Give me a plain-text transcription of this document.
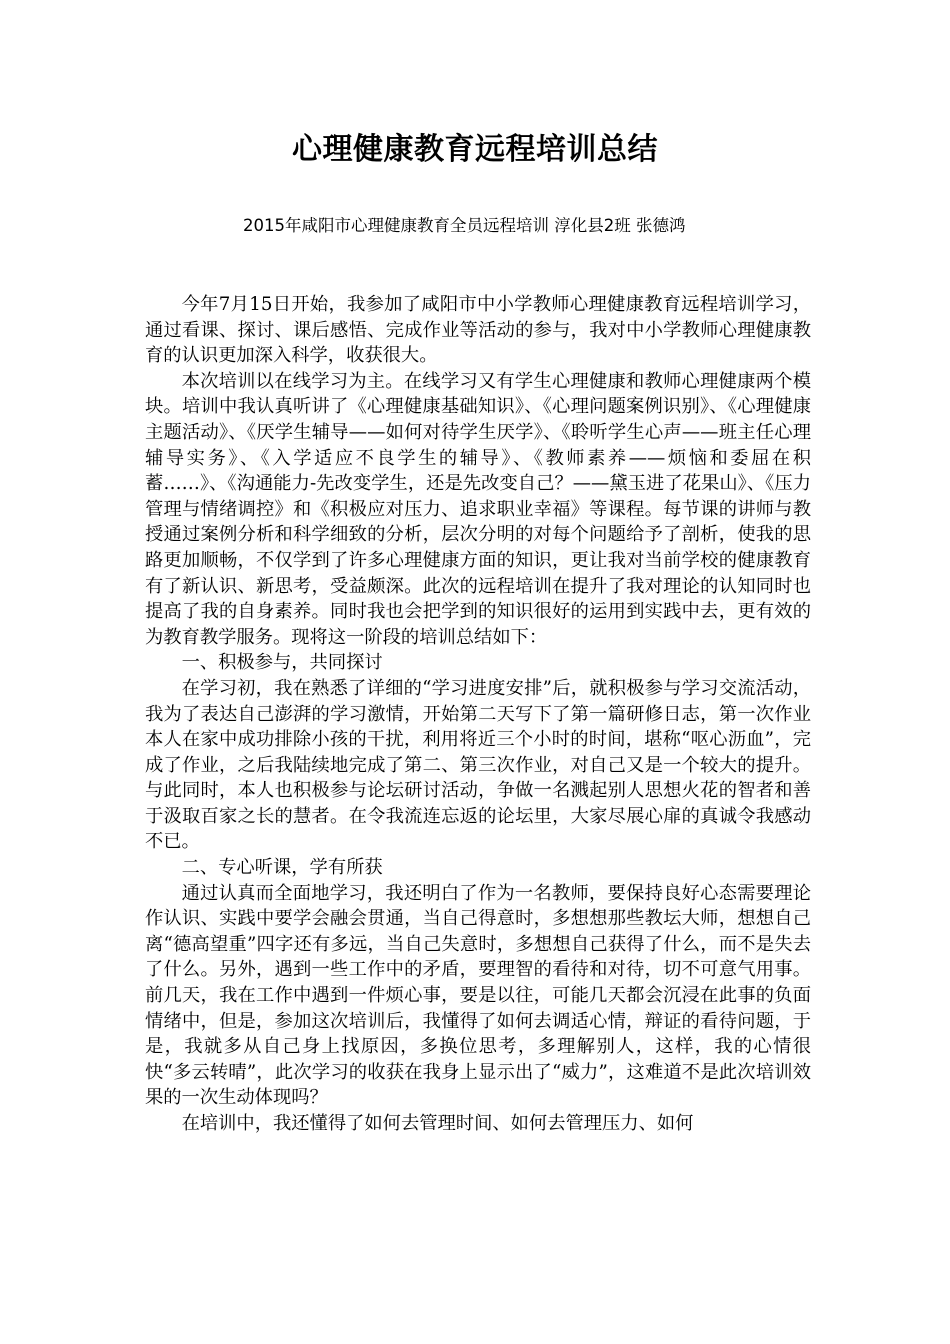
心理健康教育远程培训总结
2015年咸阳市心理健康教育全员远程培训 淳化县2班 张德鸿

今年7月15日开始，我参加了咸阳市中小学教师心理健康教育远程培训学习，通过看课、探讨、课后感悟、完成作业等活动的参与，我对中小学教师心理健康教育的认识更加深入科学，收获很大。

本次培训以在线学习为主。在线学习又有学生心理健康和教师心理健康两个模块。培训中我认真听讲了《心理健康基础知识》、《心理问题案例识别》、《心理健康主题活动》、《厌学生辅导——如何对待学生厌学》、《聆听学生心声——班主任心理辅导实务》、《入学适应不良学生的辅导》、《教师素养——烦恼和委屈在积蓄……》、《沟通能力-先改变学生，还是先改变自己？——黛玉进了花果山》、《压力管理与情绪调控》和《积极应对压力、追求职业幸福》等课程。每节课的讲师与教授通过案例分析和科学细致的分析，层次分明的对每个问题给予了剖析，使我的思路更加顺畅，不仅学到了许多心理健康方面的知识，更让我对当前学校的健康教育有了新认识、新思考，受益颇深。此次的远程培训在提升了我对理论的认知同时也提高了我的自身素养。同时我也会把学到的知识很好的运用到实践中去，更有效的为教育教学服务。现将这一阶段的培训总结如下：

一、积极参与，共同探讨

在学习初，我在熟悉了详细的“学习进度安排”后，就积极参与学习交流活动，我为了表达自己澎湃的学习激情，开始第二天写下了第一篇研修日志，第一次作业本人在家中成功排除小孩的干扰，利用将近三个小时的时间，堪称“呕心沥血”，完成了作业，之后我陆续地完成了第二、第三次作业，对自己又是一个较大的提升。与此同时，本人也积极参与论坛研讨活动，争做一名溅起别人思想火花的智者和善于汲取百家之长的慧者。在令我流连忘返的论坛里，大家尽展心扉的真诚令我感动不已。

二、专心听课，学有所获

通过认真而全面地学习，我还明白了作为一名教师，要保持良好心态需要理论作认识、实践中要学会融会贯通，当自己得意时，多想想那些教坛大师，想想自己离“德高望重”四字还有多远，当自己失意时，多想想自己获得了什么，而不是失去了什么。另外，遇到一些工作中的矛盾，要理智的看待和对待，切不可意气用事。前几天，我在工作中遇到一件烦心事，要是以往，可能几天都会沉浸在此事的负面情绪中，但是，参加这次培训后，我懂得了如何去调适心情，辩证的看待问题，于是，我就多从自己身上找原因，多换位思考，多理解别人，这样，我的心情很快“多云转晴”，此次学习的收获在我身上显示出了“威力”，这难道不是此次培训效果的一次生动体现吗？

在培训中，我还懂得了如何去管理时间、如何去管理压力、如何
